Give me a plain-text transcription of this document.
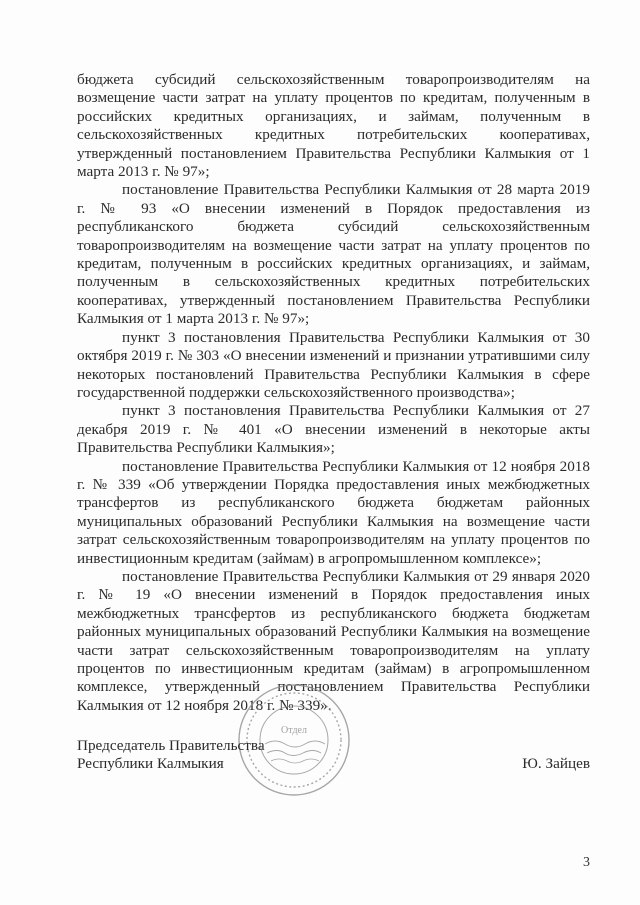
бюджета субсидий сельскохозяйственным товаропроизводителям на возмещение части затрат на уплату процентов по кредитам, полученным в российских кредитных организациях, и займам, полученным в сельскохозяйственных кредитных потребительских кооперативах, утвержденный постановлением Правительства Республики Калмыкия от 1 марта 2013 г. № 97»;

постановление Правительства Республики Калмыкия от 28 марта 2019 г. № 93 «О внесении изменений в Порядок предоставления из республиканского бюджета субсидий сельскохозяйственным товаропроизводителям на возмещение части затрат на уплату процентов по кредитам, полученным в российских кредитных организациях, и займам, полученным в сельскохозяйственных кредитных потребительских кооперативах, утвержденный постановлением Правительства Республики Калмыкия от 1 марта 2013 г. № 97»;

пункт 3 постановления Правительства Республики Калмыкия от 30 октября 2019 г. № 303 «О внесении изменений и признании утратившими силу некоторых постановлений Правительства Республики Калмыкия в сфере государственной поддержки сельскохозяйственного производства»;

пункт 3 постановления Правительства Республики Калмыкия от 27 декабря 2019 г. № 401 «О внесении изменений в некоторые акты Правительства Республики Калмыкия»;

постановление Правительства Республики Калмыкия от 12 ноября 2018 г. № 339 «Об утверждении Порядка предоставления иных межбюджетных трансфертов из республиканского бюджета бюджетам районных муниципальных образований Республики Калмыкия на возмещение части затрат сельскохозяйственным товаропроизводителям на уплату процентов по инвестиционным кредитам (займам) в агропромышленном комплексе»;

постановление Правительства Республики Калмыкия от 29 января 2020 г. № 19 «О внесении изменений в Порядок предоставления иных межбюджетных трансфертов из республиканского бюджета бюджетам районных муниципальных образований Республики Калмыкия на возмещение части затрат сельскохозяйственным товаропроизводителям на уплату процентов по инвестиционным кредитам (займам) в агропромышленном комплексе, утвержденный постановлением Правительства Республики Калмыкия от 12 ноября 2018 г. № 339».

Отдел
Председатель Правительства
Республики Калмыкия	Ю. Зайцев
3
